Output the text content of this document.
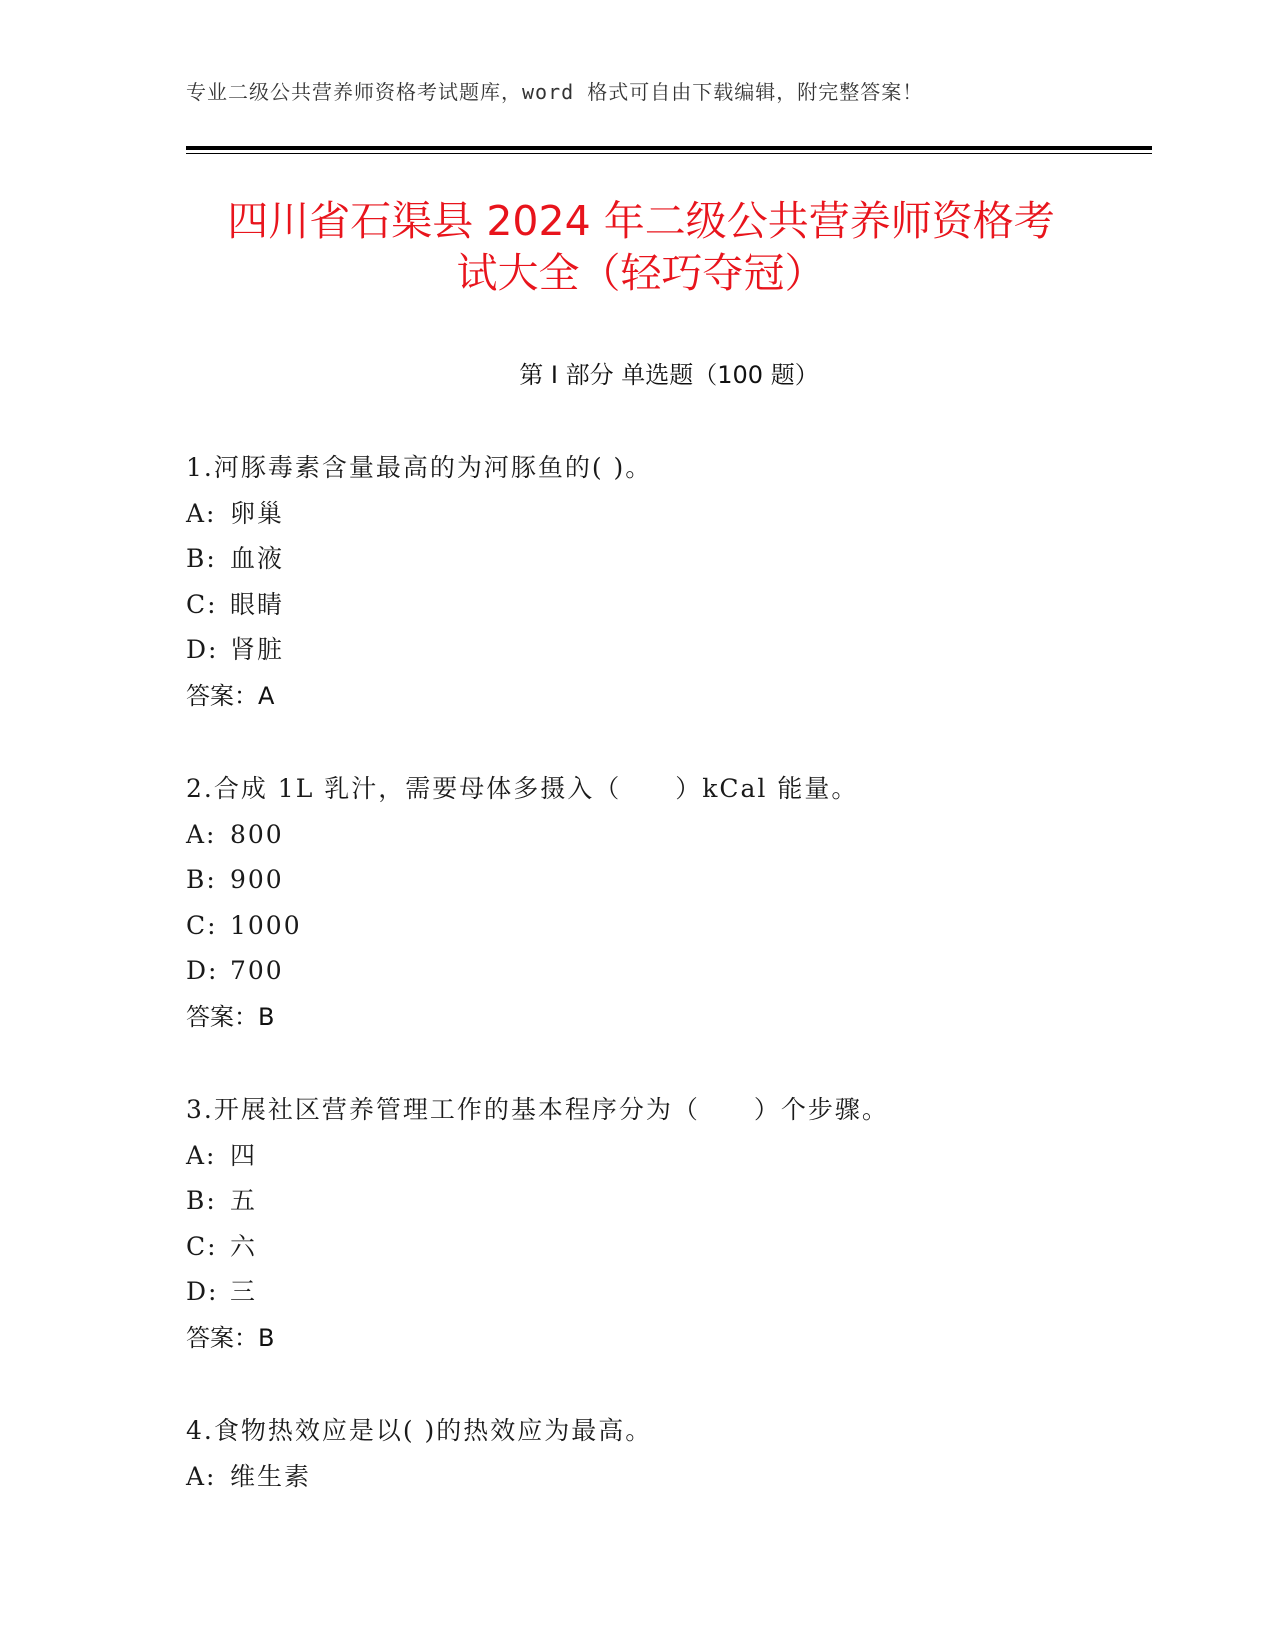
专业二级公共营养师资格考试题库，word 格式可自由下载编辑，附完整答案！
四川省石渠县 2024 年二级公共营养师资格考
试大全（轻巧夺冠）
第 I 部分 单选题（100 题）
1.河豚毒素含量最高的为河豚鱼的( )。
A: 卵巢
B: 血液
C: 眼睛
D: 肾脏
答案：A
2.合成 1L 乳汁，需要母体多摄入（　　）kCal 能量。
A: 800
B: 900
C: 1000
D: 700
答案：B
3.开展社区营养管理工作的基本程序分为（　　）个步骤。
A: 四
B: 五
C: 六
D: 三
答案：B
4.食物热效应是以( )的热效应为最高。
A: 维生素
